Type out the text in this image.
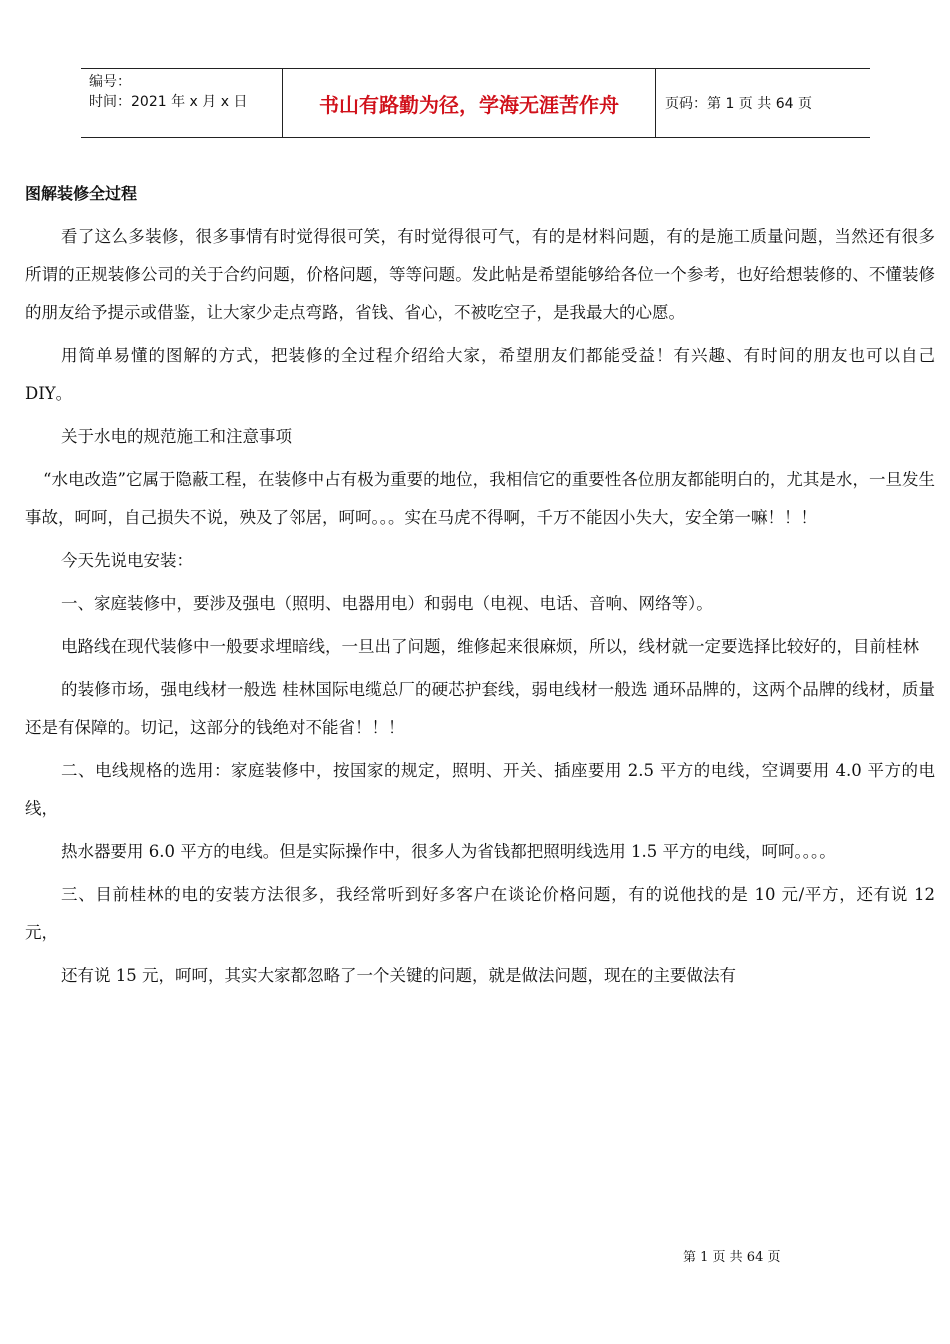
编号：
时间：2021 年 x 月 x 日	书山有路勤为径，学海无涯苦作舟	页码：第 1 页 共 64 页
图解装修全过程

看了这么多装修，很多事情有时觉得很可笑，有时觉得很可气，有的是材料问题，有的是施工质量问题，当然还有很多所谓的正规装修公司的关于合约问题，价格问题，等等问题。发此帖是希望能够给各位一个参考，也好给想装修的、不懂装修的朋友给予提示或借鉴，让大家少走点弯路，省钱、省心，不被吃空子，是我最大的心愿。

用简单易懂的图解的方式，把装修的全过程介绍给大家，希望朋友们都能受益！有兴趣、有时间的朋友也可以自己 DIY。

关于水电的规范施工和注意事项

“水电改造”它属于隐蔽工程，在装修中占有极为重要的地位，我相信它的重要性各位朋友都能明白的，尤其是水，一旦发生事故，呵呵，自己损失不说，殃及了邻居，呵呵。。。实在马虎不得啊，千万不能因小失大，安全第一嘛！！！

今天先说电安装：

一、家庭装修中，要涉及强电（照明、电器用电）和弱电（电视、电话、音响、网络等）。

电路线在现代装修中一般要求埋暗线，一旦出了问题，维修起来很麻烦，所以，线材就一定要选择比较好的，目前桂林

的装修市场，强电线材一般选 桂林国际电缆总厂的硬芯护套线，弱电线材一般选 通环品牌的，这两个品牌的线材，质量还是有保障的。切记，这部分的钱绝对不能省！！！

二、电线规格的选用：家庭装修中，按国家的规定，照明、开关、插座要用 2.5 平方的电线，空调要用 4.0 平方的电线，

热水器要用 6.0 平方的电线。但是实际操作中，很多人为省钱都把照明线选用 1.5 平方的电线，呵呵。。。。

三、目前桂林的电的安装方法很多，我经常听到好多客户在谈论价格问题，有的说他找的是 10 元/平方，还有说 12 元，

还有说 15 元，呵呵，其实大家都忽略了一个关键的问题，就是做法问题，现在的主要做法有

第 1 页 共 64 页
